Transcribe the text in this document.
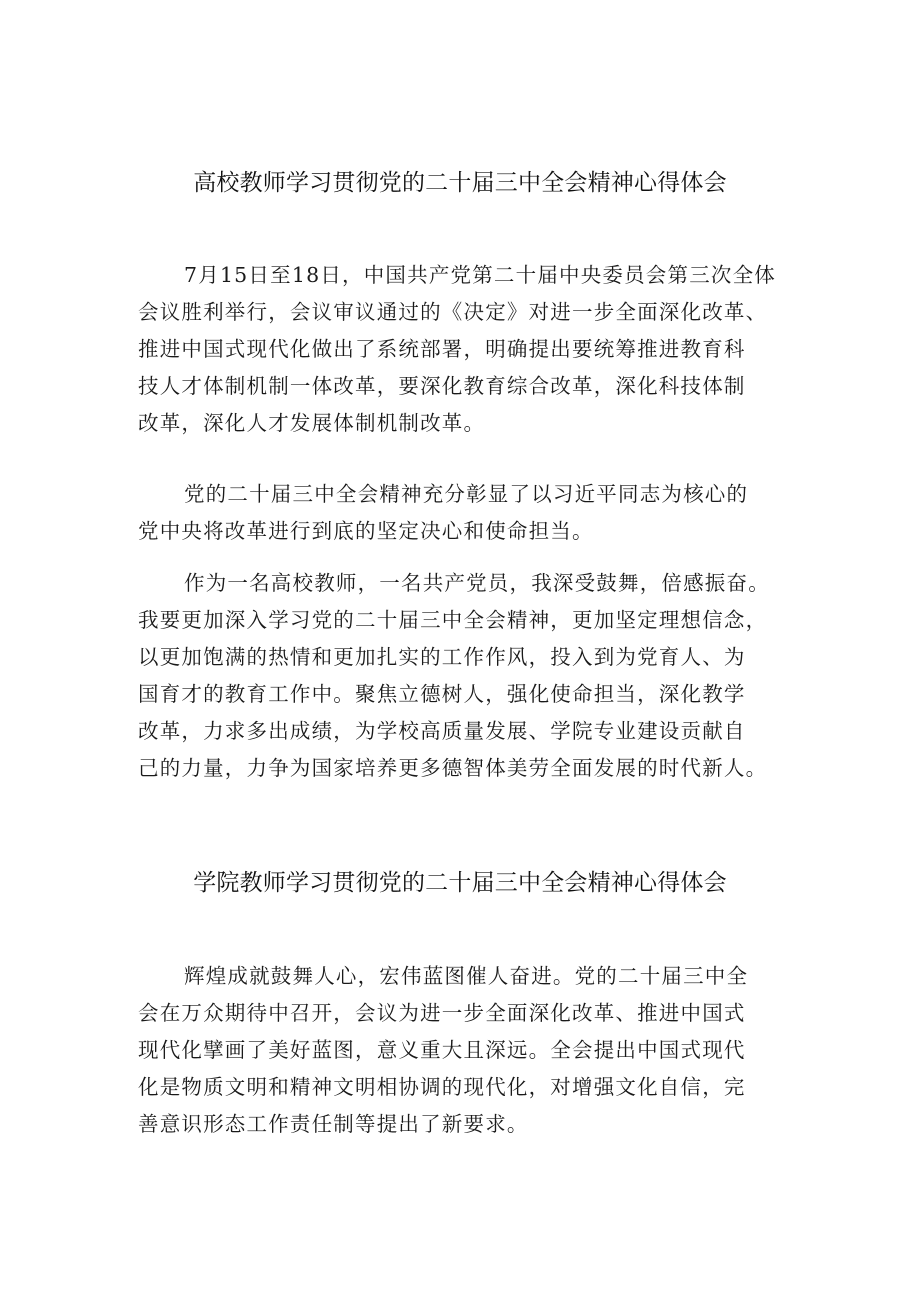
高校教师学习贯彻党的二十届三中全会精神心得体会
7月15日至18日，中国共产党第二十届中央委员会第三次全体
会议胜利举行，会议审议通过的《决定》对进一步全面深化改革、
推进中国式现代化做出了系统部署，明确提出要统筹推进教育科
技人才体制机制一体改革，要深化教育综合改革，深化科技体制
改革，深化人才发展体制机制改革。
党的二十届三中全会精神充分彰显了以习近平同志为核心的
党中央将改革进行到底的坚定决心和使命担当。
作为一名高校教师，一名共产党员，我深受鼓舞，倍感振奋。
我要更加深入学习党的二十届三中全会精神，更加坚定理想信念，
以更加饱满的热情和更加扎实的工作作风，投入到为党育人、为
国育才的教育工作中。聚焦立德树人，强化使命担当，深化教学
改革，力求多出成绩，为学校高质量发展、学院专业建设贡献自
己的力量，力争为国家培养更多德智体美劳全面发展的时代新人。
学院教师学习贯彻党的二十届三中全会精神心得体会
辉煌成就鼓舞人心，宏伟蓝图催人奋进。党的二十届三中全
会在万众期待中召开，会议为进一步全面深化改革、推进中国式
现代化擘画了美好蓝图，意义重大且深远。全会提出中国式现代
化是物质文明和精神文明相协调的现代化，对增强文化自信，完
善意识形态工作责任制等提出了新要求。
